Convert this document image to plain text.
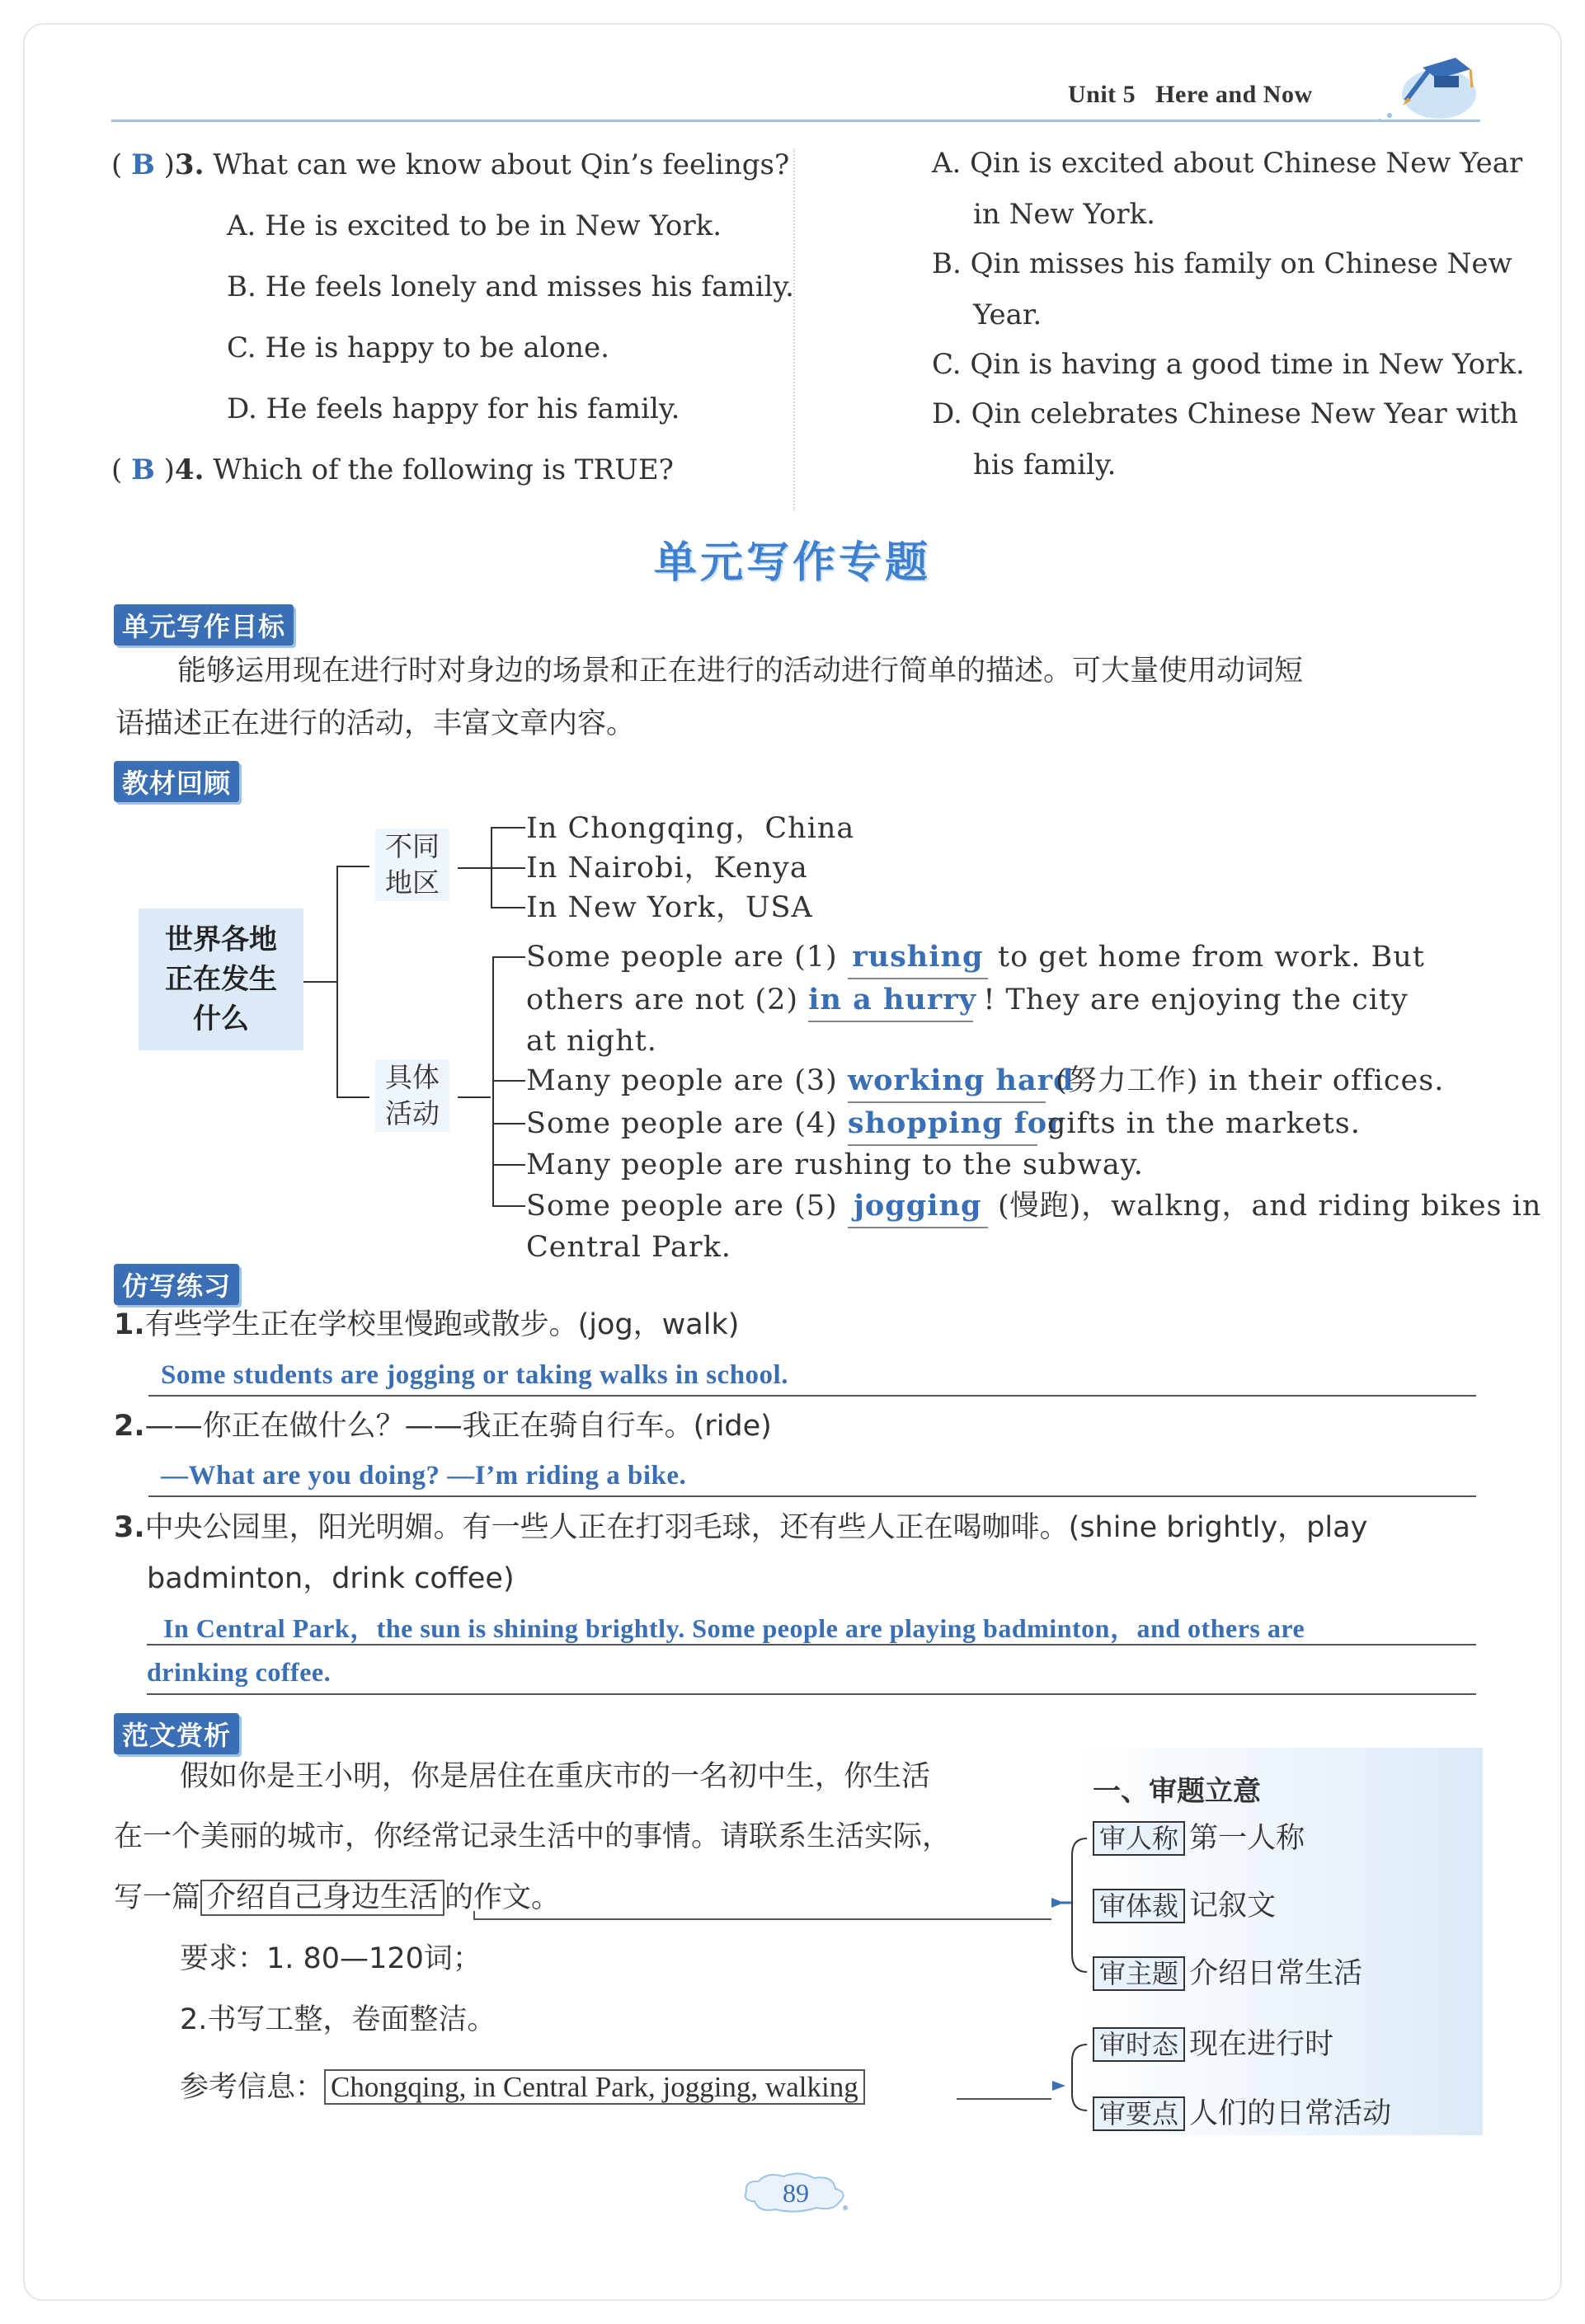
Unit 5 Here and Now
( B )3. What can we know about Qin’s feelings?
A. He is excited to be in New York.
B. He feels lonely and misses his family.
C. He is happy to be alone.
D. He feels happy for his family.
( B )4. Which of the following is TRUE?
A. Qin is excited about Chinese New Year
in New York.
B. Qin misses his family on Chinese New
Year.
C. Qin is having a good time in New York.
D. Qin celebrates Chinese New Year with
his family.
单元写作专题
单元写作目标
能够运用现在进行时对身边的场景和正在进行的活动进行简单的描述。可大量使用动词短
语描述正在进行的活动，丰富文章内容。
教材回顾
世界各地
正在发生
什么
不同
地区
具体
活动
In Chongqing，China
In Nairobi，Kenya
In New York，USA
Some people are (1) rushing to get home from work. But
others are not (2) in a hurry ! They are enjoying the city
at night.
Many people are (3) working hard (努力工作) in their offices.
Some people are (4) shopping for gifts in the markets.
Many people are rushing to the subway.
Some people are (5) jogging (慢跑)，walkng，and riding bikes in
Central Park.
仿写练习
1.有些学生正在学校里慢跑或散步。(jog，walk)
Some students are jogging or taking walks in school.
2.——你正在做什么？——我正在骑自行车。(ride)
—What are you doing? —I’m riding a bike.
3.中央公园里，阳光明媚。有一些人正在打羽毛球，还有些人正在喝咖啡。(shine brightly，play
badminton，drink coffee)
In Central Park，the sun is shining brightly. Some people are playing badminton，and others are
drinking coffee.
范文赏析
假如你是王小明，你是居住在重庆市的一名初中生，你生活
在一个美丽的城市，你经常记录生活中的事情。请联系生活实际，
写一篇 介绍自己身边生活 的作文。
要求：1. 80—120词；
2.书写工整，卷面整洁。
参考信息： Chongqing, in Central Park, jogging, walking
一、审题立意
审人称 第一人称
审体裁 记叙文
审主题 介绍日常生活
审时态 现在进行时
审要点 人们的日常活动
89
